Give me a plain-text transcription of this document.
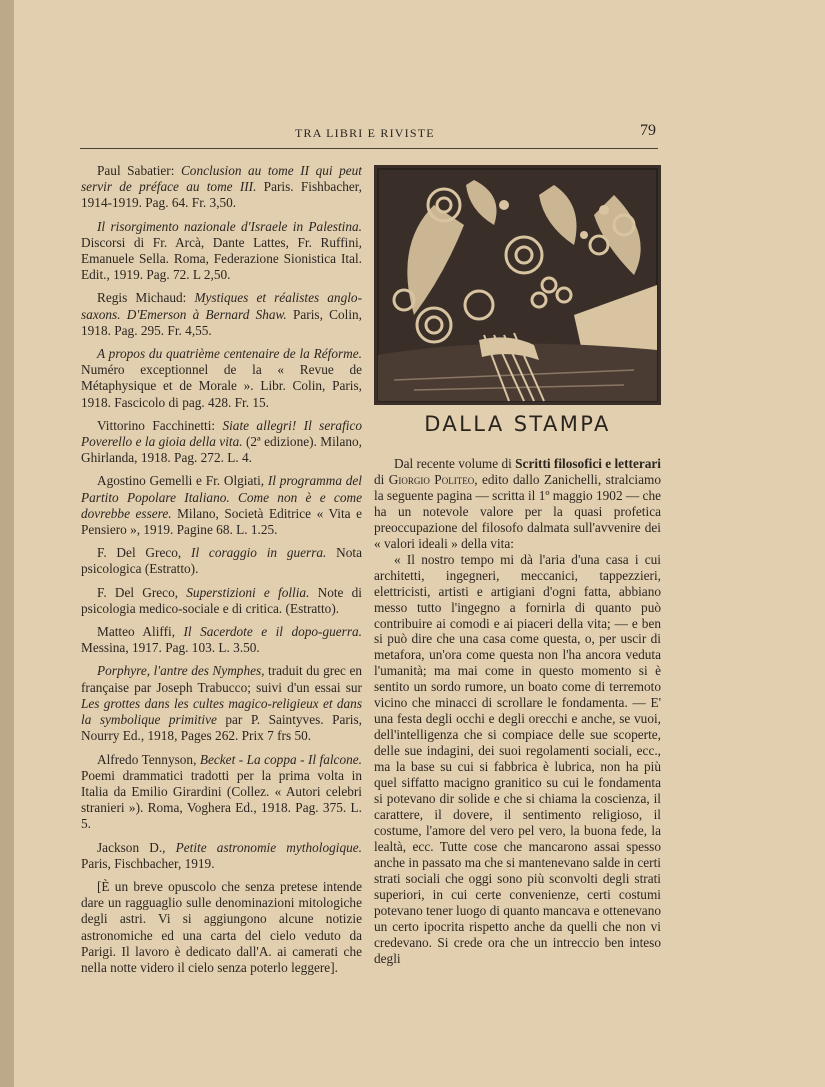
TRA LIBRI E RIVISTE	79

Paul Sabatier: Conclusion au tome II qui peut servir de préface au tome III. Paris. Fishbacher, 1914-1919. Pag. 64. Fr. 3,50.

Il risorgimento nazionale d'Israele in Palestina. Discorsi di Fr. Arcà, Dante Lattes, Fr. Ruffini, Emanuele Sella. Roma, Federazione Sionistica Ital. Edit., 1919. Pag. 72. L 2,50.

Regis Michaud: Mystiques et réalistes anglo-saxons. D'Emerson à Bernard Shaw. Paris, Colin, 1918. Pag. 295. Fr. 4,55.

A propos du quatrième centenaire de la Réforme. Numéro exceptionnel de la « Revue de Métaphysique et de Morale ». Libr. Colin, Paris, 1918. Fascicolo di pag. 428. Fr. 15.

Vittorino Facchinetti: Siate allegri! Il serafico Poverello e la gioia della vita. (2ª edizione). Milano, Ghirlanda, 1918. Pag. 272. L. 4.

Agostino Gemelli e Fr. Olgiati, Il programma del Partito Popolare Italiano. Come non è e come dovrebbe essere. Milano, Società Editrice « Vita e Pensiero », 1919. Pagine 68. L. 1.25.

F. Del Greco, Il coraggio in guerra. Nota psicologica (Estratto).

F. Del Greco, Superstizioni e follia. Note di psicologia medico-sociale e di critica. (Estratto).

Matteo Aliffi, Il Sacerdote e il dopo-guerra. Messina, 1917. Pag. 103. L. 3.50.

Porphyre, l'antre des Nymphes, traduit du grec en française par Joseph Trabucco; suivi d'un essai sur Les grottes dans les cultes magico-religieux et dans la symbolique primitive par P. Saintyves. Paris, Nourry Ed., 1918, Pages 262. Prix 7 frs 50.

Alfredo Tennyson, Becket - La coppa - Il falcone. Poemi drammatici tradotti per la prima volta in Italia da Emilio Girardini (Collez. « Autori celebri stranieri »). Roma, Voghera Ed., 1918. Pag. 375. L. 5.

Jackson D., Petite astronomie mythologique. Paris, Fischbacher, 1919.

[È un breve opuscolo che senza pretese intende dare un ragguaglio sulle denominazioni mitologiche degli astri. Vi si aggiungono alcune notizie astronomiche ed una carta del cielo veduto da Parigi. Il lavoro è dedicato dall'A. ai camerati che nella notte videro il cielo senza poterlo leggere].

DALLA STAMPA

Dal recente volume di Scritti filosofici e letterari di Giorgio Politeo, edito dallo Zanichelli, stralciamo la seguente pagina — scritta il 1º maggio 1902 — che ha un notevole valore per la quasi profetica preoccupazione del filosofo dalmata sull'avvenire dei « valori ideali » della vita:

« Il nostro tempo mi dà l'aria d'una casa i cui architetti, ingegneri, meccanici, tappezzieri, elettricisti, artisti e artigiani d'ogni fatta, abbiano messo tutto l'ingegno a fornirla di quanto può contribuire ai comodi e ai piaceri della vita; — e ben si può dire che una casa come questa, o, per uscir di metafora, un'ora come questa non l'ha ancora veduta l'umanità; ma mai come in questo momento si è sentito un sordo rumore, un boato come di terremoto vicino che minacci di scrollare le fondamenta. — E' una festa degli occhi e degli orecchi e anche, se vuoi, dell'intelligenza che si compiace delle sue scoperte, delle sue indagini, dei suoi regolamenti sociali, ecc., ma la base su cui si fabbrica è lubrica, non ha più quel siffatto macigno granitico su cui le fondamenta si potevano dir solide e che si chiama la coscienza, il carattere, il dovere, il sentimento religioso, il costume, l'amore del vero pel vero, la buona fede, la lealtà, ecc. Tutte cose che mancarono assai spesso anche in passato ma che si mantenevano salde in certi strati sociali che oggi sono più sconvolti degli strati superiori, in cui certe convenienze, certi costumi potevano tener luogo di quanto mancava e ottenevano un certo ipocrita rispetto anche da quelli che non vi credevano. Si crede ora che un intreccio ben inteso degli
